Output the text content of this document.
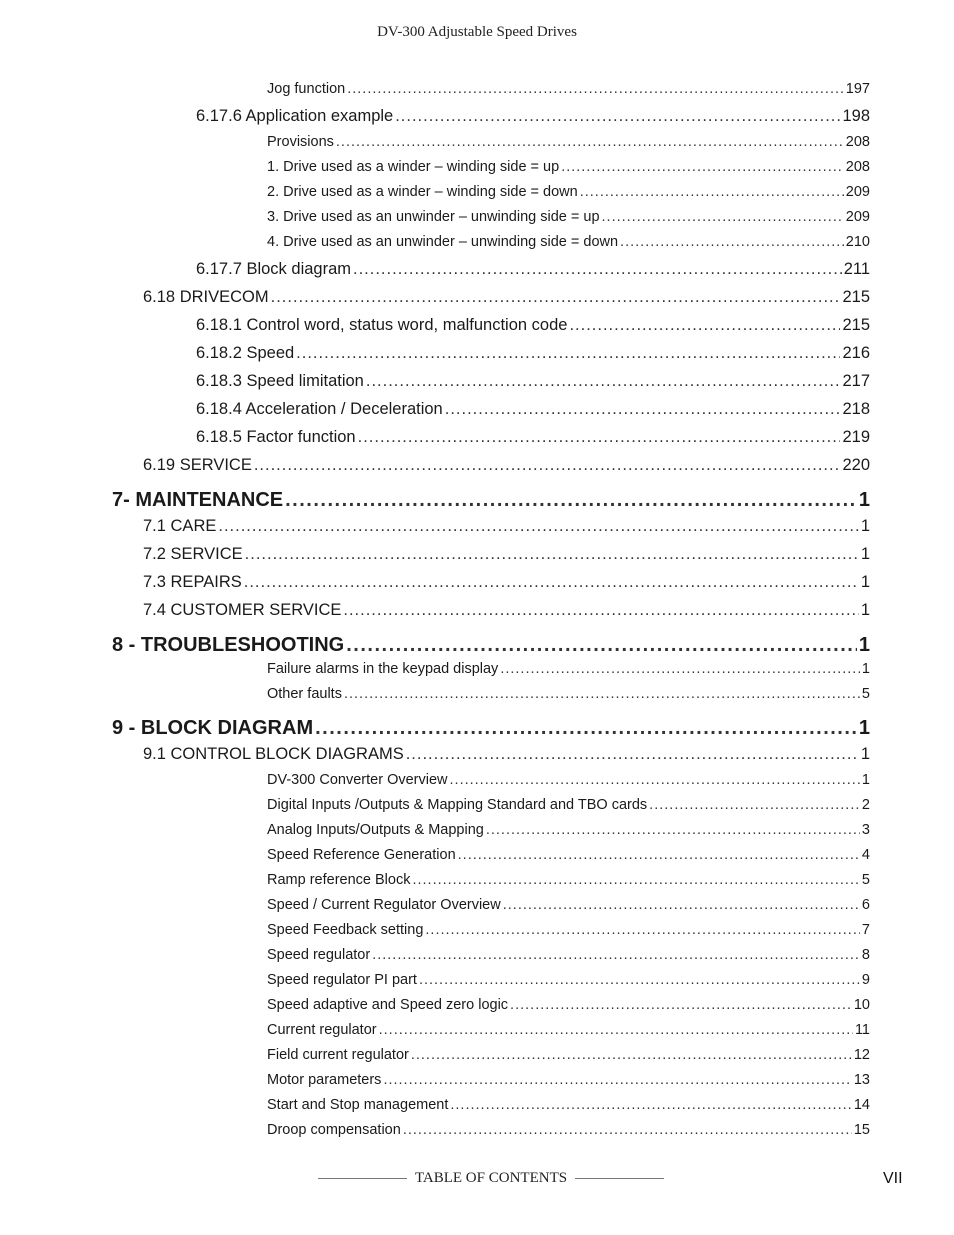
DV-300 Adjustable Speed Drives
Jog function .....	197
6.17.6 Application example .....	198
Provisions .....	208
1. Drive used as a winder – winding side = up .....	208
2. Drive used as a winder – winding side = down .....	209
3. Drive used as an unwinder – unwinding side = up .....	209
4. Drive used as an unwinder – unwinding side = down .....	210
6.17.7 Block diagram .....	211
6.18 DRIVECOM .....	215
6.18.1 Control word, status word, malfunction code .....	215
6.18.2 Speed .....	216
6.18.3 Speed limitation .....	217
6.18.4 Acceleration / Deceleration .....	218
6.18.5 Factor function .....	219
6.19 SERVICE .....	220
7- MAINTENANCE .....	1
7.1 CARE .....	1
7.2 SERVICE .....	1
7.3 REPAIRS .....	1
7.4 CUSTOMER SERVICE .....	1
8 - TROUBLESHOOTING .....	1
Failure alarms in the keypad display .....	1
Other faults .....	5
9 - BLOCK DIAGRAM .....	1
9.1 CONTROL BLOCK DIAGRAMS .....	1
DV-300 Converter Overview .....	1
Digital Inputs /Outputs & Mapping Standard and TBO cards .....	2
Analog Inputs/Outputs & Mapping .....	3
Speed Reference Generation .....	4
Ramp reference Block .....	5
Speed / Current Regulator Overview .....	6
Speed Feedback setting .....	7
Speed regulator .....	8
Speed regulator PI part .....	9
Speed adaptive and Speed zero logic .....	10
Current regulator .....	11
Field current regulator .....	12
Motor parameters .....	13
Start and Stop management .....	14
Droop compensation .....	15
TABLE OF CONTENTS	VII
